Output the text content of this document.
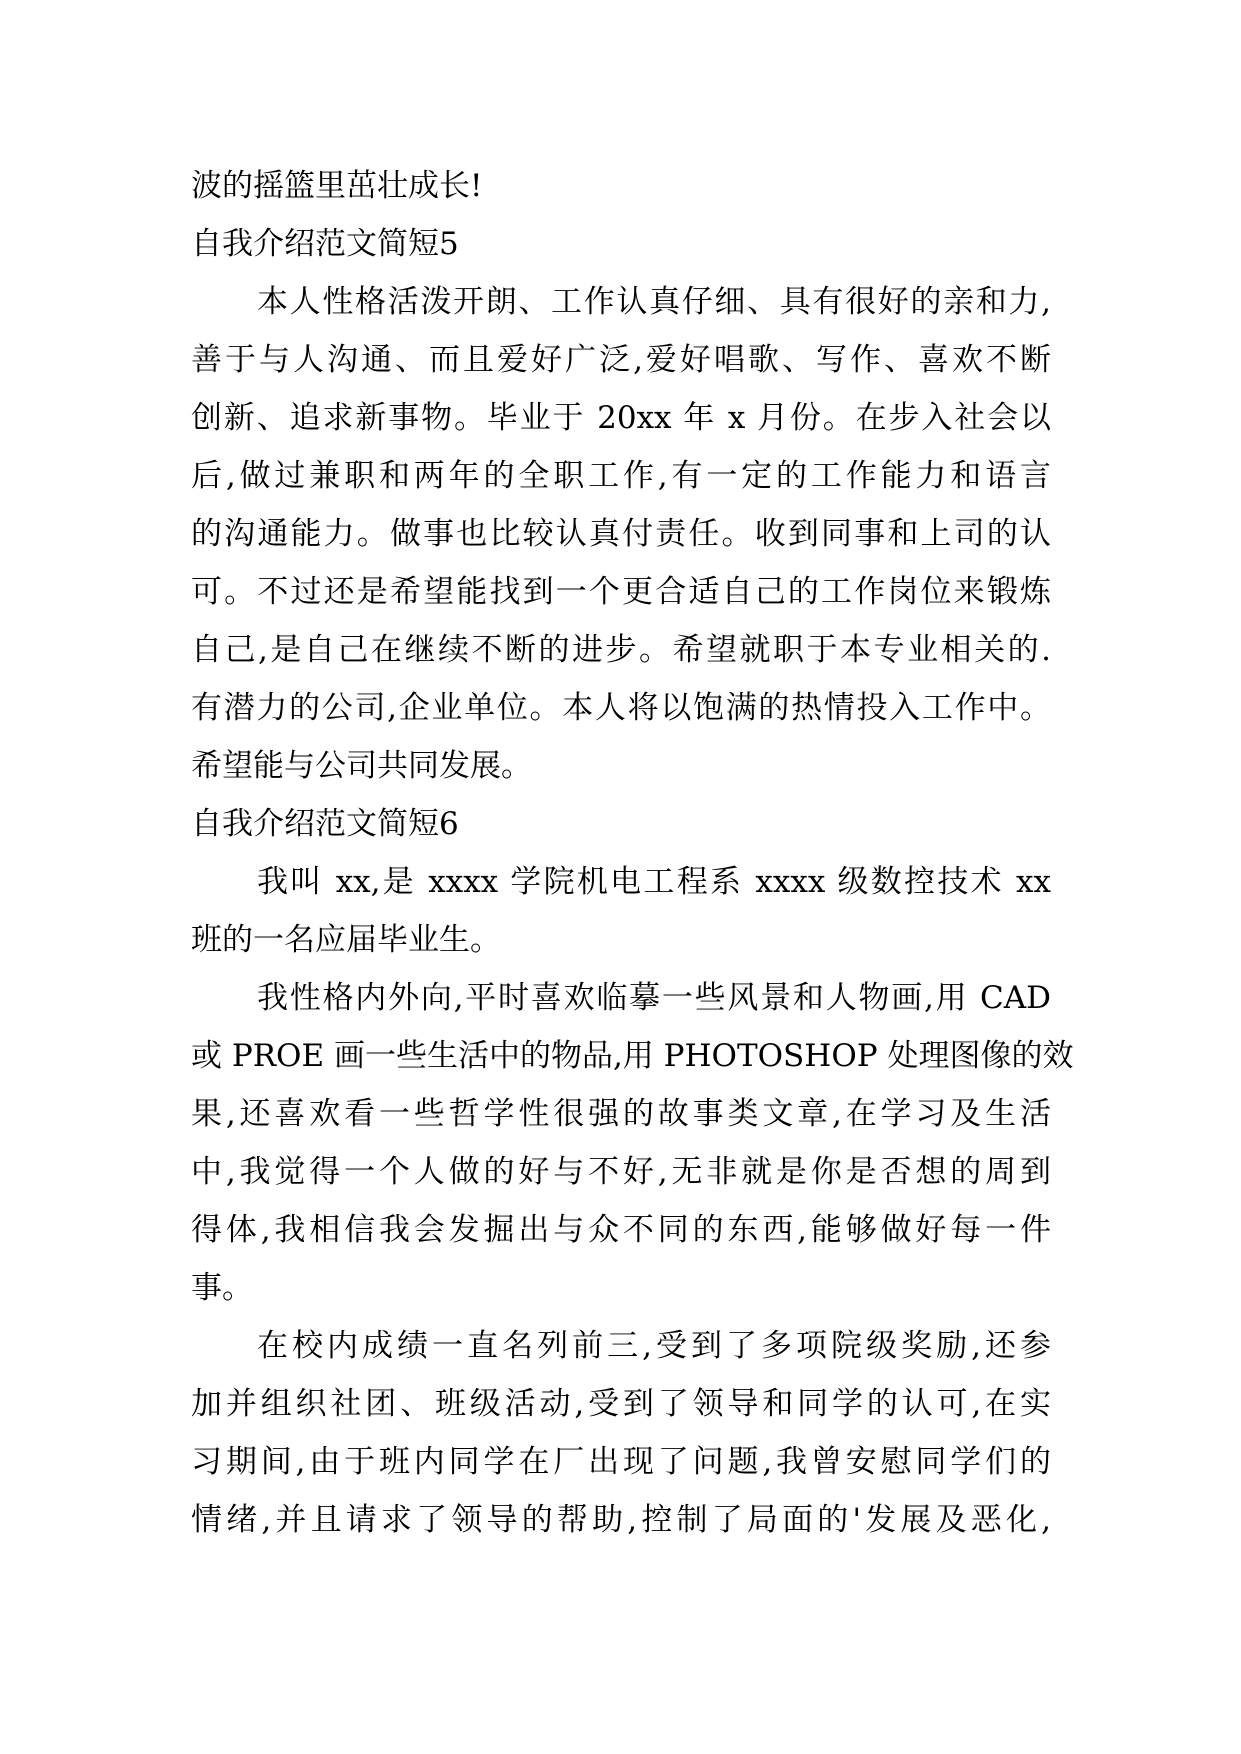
波的摇篮里茁壮成长!
自我介绍范文简短5
本人性格活泼开朗、工作认真仔细、具有很好的亲和力,
善于与人沟通、而且爱好广泛,爱好唱歌、写作、喜欢不断
创新、追求新事物。毕业于 20xx 年 x 月份。在步入社会以
后,做过兼职和两年的全职工作,有一定的工作能力和语言
的沟通能力。做事也比较认真付责任。收到同事和上司的认
可。不过还是希望能找到一个更合适自己的工作岗位来锻炼
自己,是自己在继续不断的进步。希望就职于本专业相关的.
有潜力的公司,企业单位。本人将以饱满的热情投入工作中。
希望能与公司共同发展。
自我介绍范文简短6
我叫 xx,是 xxxx 学院机电工程系 xxxx 级数控技术 xx
班的一名应届毕业生。
我性格内外向,平时喜欢临摹一些风景和人物画,用 CAD
或 PROE 画一些生活中的物品,用 PHOTOSHOP 处理图像的效
果,还喜欢看一些哲学性很强的故事类文章,在学习及生活
中,我觉得一个人做的好与不好,无非就是你是否想的周到
得体,我相信我会发掘出与众不同的东西,能够做好每一件
事。
在校内成绩一直名列前三,受到了多项院级奖励,还参
加并组织社团、班级活动,受到了领导和同学的认可,在实
习期间,由于班内同学在厂出现了问题,我曾安慰同学们的
情绪,并且请求了领导的帮助,控制了局面的'发展及恶化,
